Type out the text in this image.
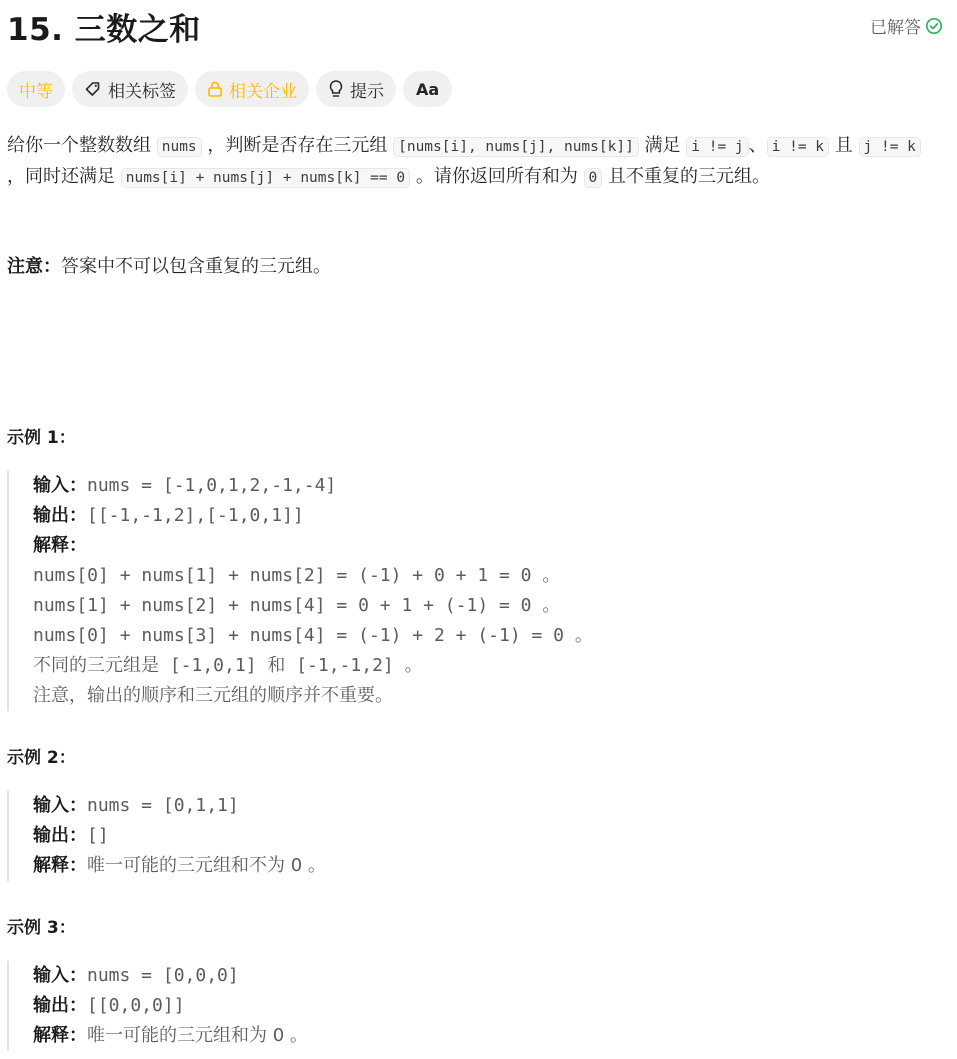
15. 三数之和	已解答
中等	相关标签	相关企业	提示 Aa
给你一个整数数组 nums ，判断是否存在三元组 [nums[i], nums[j], nums[k]] 满足 i != j 、 i != k 且 j != k ，同时还满足 nums[i] + nums[j] + nums[k] == 0 。请你返回所有和为 0 且不重复的三元组。
注意：答案中不可以包含重复的三元组。
示例 1：
输入：nums = [-1,0,1,2,-1,-4]
输出：[[-1,-1,2],[-1,0,1]]
解释：
nums[0] + nums[1] + nums[2] = (-1) + 0 + 1 = 0 。
nums[1] + nums[2] + nums[4] = 0 + 1 + (-1) = 0 。
nums[0] + nums[3] + nums[4] = (-1) + 2 + (-1) = 0 。
不同的三元组是 [-1,0,1] 和 [-1,-1,2] 。
注意，输出的顺序和三元组的顺序并不重要。
示例 2：
输入：nums = [0,1,1]
输出：[]
解释：唯一可能的三元组和不为 0 。
示例 3：
输入：nums = [0,0,0]
输出：[[0,0,0]]
解释：唯一可能的三元组和为 0 。
